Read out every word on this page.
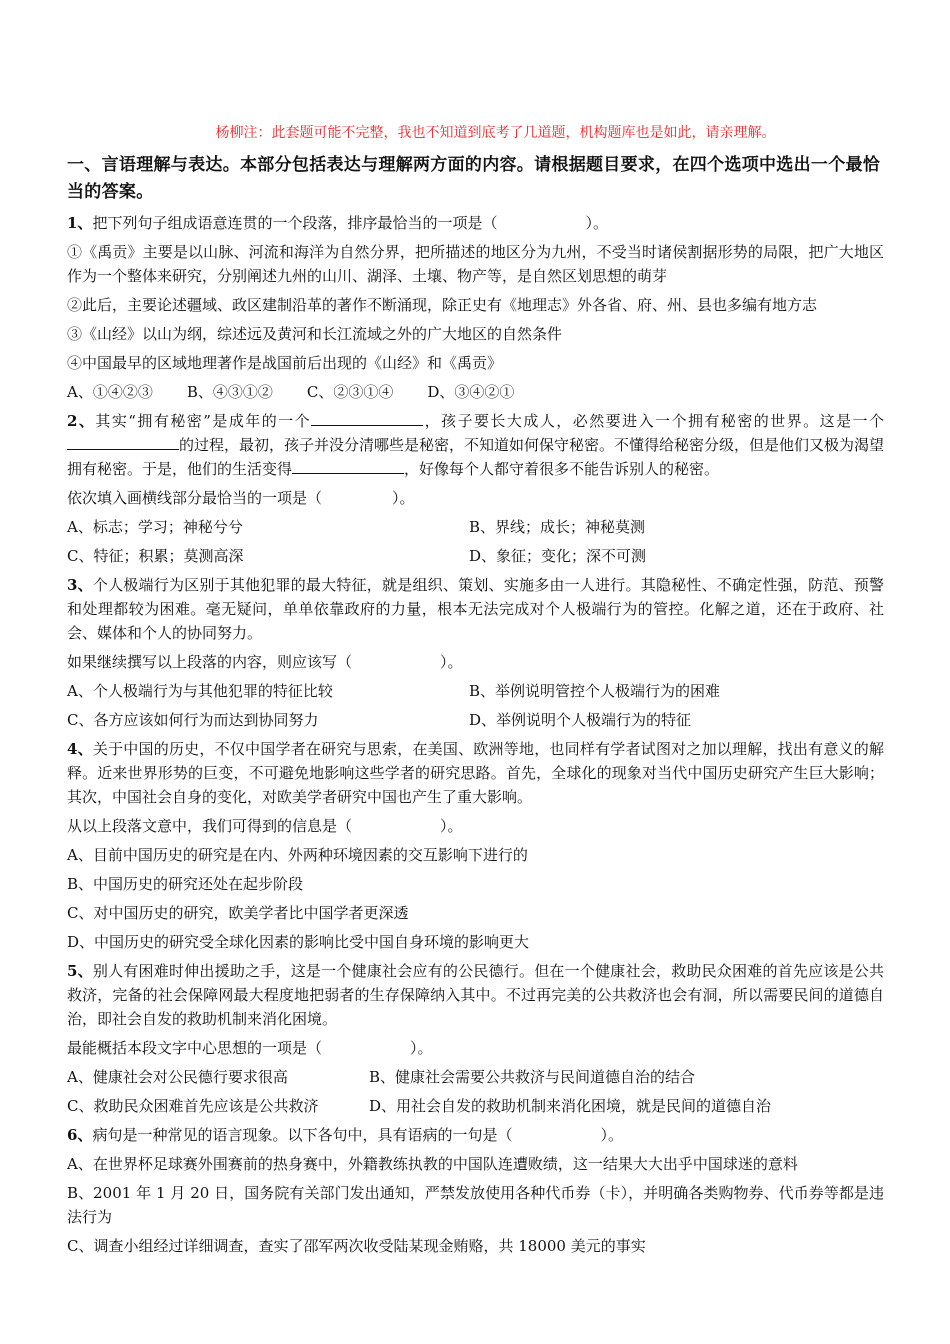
杨柳注：此套题可能不完整，我也不知道到底考了几道题，机构题库也是如此，请亲理解。
一、言语理解与表达。本部分包括表达与理解两方面的内容。请根据题目要求，在四个选项中选出一个最恰当的答案。

1、把下列句子组成语意连贯的一个段落，排序最恰当的一项是（	）。

①《禹贡》主要是以山脉、河流和海洋为自然分界，把所描述的地区分为九州，不受当时诸侯割据形势的局限，把广大地区作为一个整体来研究，分别阐述九州的山川、湖泽、土壤、物产等，是自然区划思想的萌芽

②此后，主要论述疆域、政区建制沿革的著作不断涌现，除正史有《地理志》外各省、府、州、县也多编有地方志

③《山经》以山为纲，综述远及黄河和长江流域之外的广大地区的自然条件

④中国最早的区域地理著作是战国前后出现的《山经》和《禹贡》

A、①④②③ B、④③①② C、②③①④ D、③④②①

2、其实“拥有秘密”是成年的一个	，孩子要长大成人，必然要进入一个拥有秘密的世界。这是一个的过程，最初，孩子并没分清哪些是秘密，不知道如何保守秘密。不懂得给秘密分级，但是他们又极为渴望拥有秘密。于是，他们的生活变得	，好像每个人都守着很多不能告诉别人的秘密。

依次填入画横线部分最恰当的一项是（	）。

A、标志；学习；神秘兮兮	B、界线；成长；神秘莫测
C、特征；积累；莫测高深	D、象征；变化；深不可测

3、个人极端行为区别于其他犯罪的最大特征，就是组织、策划、实施多由一人进行。其隐秘性、不确定性强，防范、预警和处理都较为困难。毫无疑问，单单依靠政府的力量，根本无法完成对个人极端行为的管控。化解之道，还在于政府、社会、媒体和个人的协同努力。

如果继续撰写以上段落的内容，则应该写（	）。

A、个人极端行为与其他犯罪的特征比较	B、举例说明管控个人极端行为的困难
C、各方应该如何行为而达到协同努力	D、举例说明个人极端行为的特征

4、关于中国的历史，不仅中国学者在研究与思索，在美国、欧洲等地，也同样有学者试图对之加以理解，找出有意义的解释。近来世界形势的巨变，不可避免地影响这些学者的研究思路。首先，全球化的现象对当代中国历史研究产生巨大影响；其次，中国社会自身的变化，对欧美学者研究中国也产生了重大影响。

从以上段落文意中，我们可得到的信息是（	）。

A、目前中国历史的研究是在内、外两种环境因素的交互影响下进行的

B、中国历史的研究还处在起步阶段

C、对中国历史的研究，欧美学者比中国学者更深透

D、中国历史的研究受全球化因素的影响比受中国自身环境的影响更大

5、别人有困难时伸出援助之手，这是一个健康社会应有的公民德行。但在一个健康社会，救助民众困难的首先应该是公共救济，完备的社会保障网最大程度地把弱者的生存保障纳入其中。不过再完美的公共救济也会有洞，所以需要民间的道德自治，即社会自发的救助机制来消化困境。

最能概括本段文字中心思想的一项是（	）。

A、健康社会对公民德行要求很高	B、健康社会需要公共救济与民间道德自治的结合
C、救助民众困难首先应该是公共救济	D、用社会自发的救助机制来消化困境，就是民间的道德自治

6、病句是一种常见的语言现象。以下各句中，具有语病的一句是（	）。

A、在世界杯足球赛外围赛前的热身赛中，外籍教练执教的中国队连遭败绩，这一结果大大出乎中国球迷的意料

B、2001 年 1 月 20 日，国务院有关部门发出通知，严禁发放使用各种代币券（卡），并明确各类购物券、代币券等都是违法行为

C、调查小组经过详细调查，查实了邵军两次收受陆某现金贿赂，共 18000 美元的事实
